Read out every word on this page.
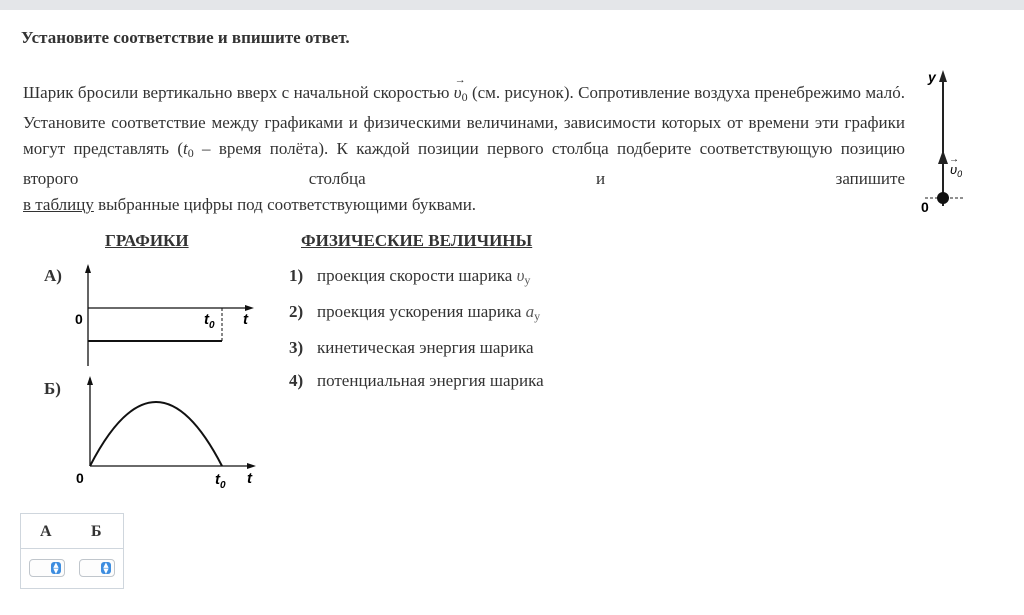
Установите соответствие и впишите ответ.

Шарик бросили вертикально вверх с начальной скоростью → $\upsilon_0$ (см. рисунок). Сопротивление воздуха пренебрежимо малó. Установите соответствие между графиками и физическими величинами, зависимости которых от времени эти графики могут представлять ($t_0$ – время полёта). К каждой позиции первого столбца подберите соответствующую позицию второго столбца и запишите

в таблицу выбранные цифры под соответствующими буквами.

y
0
$\upsilon_0$
→
ГРАФИКИ	ФИЗИЧЕСКИЕ ВЕЛИЧИНЫ
А)
Б)
0	$t_0$ t
0	$t_0$ t
1) проекция скорости шарика $\upsilon_y$
2) проекция ускорения шарика $a_y$
3) кинетическая энергия шарика
4) потенциальная энергия шарика
А Б
▲
▼
▲
▼
